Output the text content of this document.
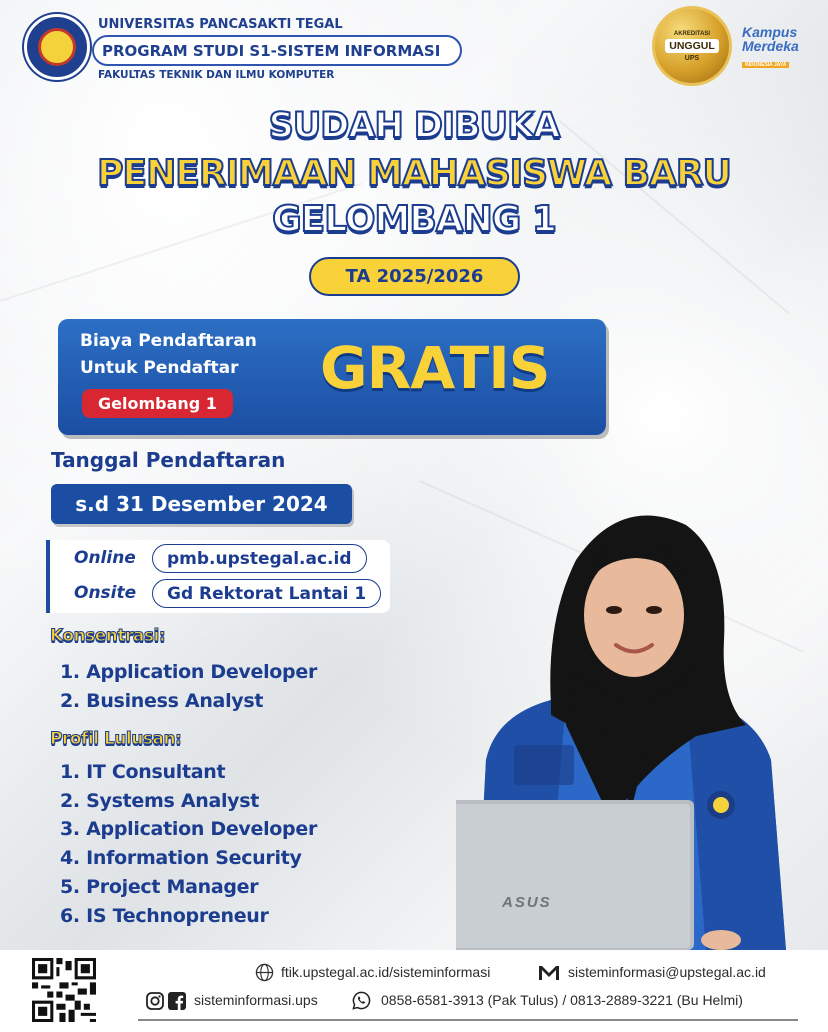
UNIVERSITAS PANCASAKTI TEGAL
PROGRAM STUDI S1-SISTEM INFORMASI
FAKULTAS TEKNIK DAN ILMU KOMPUTER
AKREDITASI
UNGGUL
UPS
Kampus
Merdeka
INDONESIA JAYA
SUDAH DIBUKA
PENERIMAAN MAHASISWA BARU
GELOMBANG 1
TA 2025/2026
Biaya Pendaftaran
Untuk Pendaftar
Gelombang 1
GRATIS
Tanggal Pendaftaran
s.d 31 Desember 2024
Online	pmb.upstegal.ac.id
Onsite	Gd Rektorat Lantai 1
Konsentrasi:
1. Application Developer
2. Business Analyst
Profil Lulusan:
1. IT Consultant
2. Systems Analyst
3. Application Developer
4. Information Security
5. Project Manager
6. IS Technopreneur
ASUS
ftik.upstegal.ac.id/sisteminformasi	sisteminformasi@upstegal.ac.id
sisteminformasi.ups	0858-6581-3913 (Pak Tulus) / 0813-2889-3221 (Bu Helmi)
